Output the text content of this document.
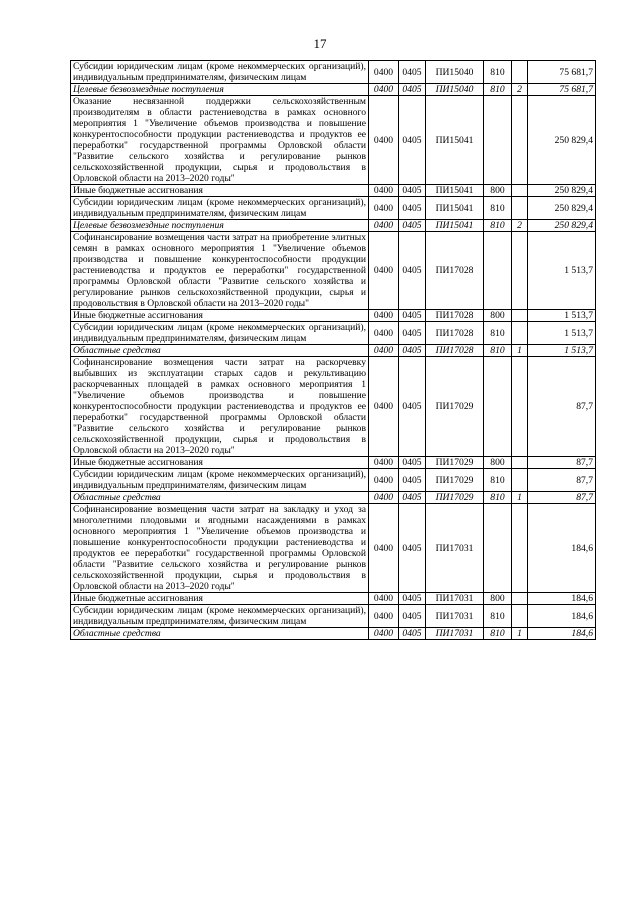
17
Субсидии юридическим лицам (кроме некоммерческих организаций), индивидуальным предпринимателям, физическим лицам	0400	0405	ПИ15040	810		75 681,7
Целевые безвозмездные поступления	0400	0405	ПИ15040	810	2	75 681,7
Оказание несвязанной поддержки сельскохозяйственным производителям в области растениеводства в рамках основного мероприятия 1 "Увеличение объемов производства и повышение конкурентоспособности продукции растениеводства и продуктов ее переработки" государственной программы Орловской области "Развитие сельского хозяйства и регулирование рынков сельскохозяйственной продукции, сырья и продовольствия в Орловской области на 2013–2020 годы"	0400	0405	ПИ15041			250 829,4
Иные бюджетные ассигнования	0400	0405	ПИ15041	800		250 829,4
Субсидии юридическим лицам (кроме некоммерческих организаций), индивидуальным предпринимателям, физическим лицам	0400	0405	ПИ15041	810		250 829,4
Целевые безвозмездные поступления	0400	0405	ПИ15041	810	2	250 829,4
Софинансирование возмещения части затрат на приобретение элитных семян в рамках основного мероприятия 1 "Увеличение объемов производства и повышение конкурентоспособности продукции растениеводства и продуктов ее переработки" государственной программы Орловской области "Развитие сельского хозяйства и регулирование рынков сельскохозяйственной продукции, сырья и продовольствия в Орловской области на 2013–2020 годы"	0400	0405	ПИ17028			1 513,7
Иные бюджетные ассигнования	0400	0405	ПИ17028	800		1 513,7
Субсидии юридическим лицам (кроме некоммерческих организаций), индивидуальным предпринимателям, физическим лицам	0400	0405	ПИ17028	810		1 513,7
Областные средства	0400	0405	ПИ17028	810	1	1 513,7
Софинансирование возмещения части затрат на раскорчевку выбывших из эксплуатации старых садов и рекультивацию раскорчеванных площадей в рамках основного мероприятия 1 "Увеличение объемов производства и повышение конкурентоспособности продукции растениеводства и продуктов ее переработки" государственной программы Орловской области "Развитие сельского хозяйства и регулирование рынков сельскохозяйственной продукции, сырья и продовольствия в Орловской области на 2013–2020 годы"	0400	0405	ПИ17029			87,7
Иные бюджетные ассигнования	0400	0405	ПИ17029	800		87,7
Субсидии юридическим лицам (кроме некоммерческих организаций), индивидуальным предпринимателям, физическим лицам	0400	0405	ПИ17029	810		87,7
Областные средства	0400	0405	ПИ17029	810	1	87,7
Софинансирование возмещения части затрат на закладку и уход за многолетними плодовыми и ягодными насаждениями в рамках основного мероприятия 1 "Увеличение объемов производства и повышение конкурентоспособности продукции растениеводства и продуктов ее переработки" государственной программы Орловской области "Развитие сельского хозяйства и регулирование рынков сельскохозяйственной продукции, сырья и продовольствия в Орловской области на 2013–2020 годы"	0400	0405	ПИ17031			184,6
Иные бюджетные ассигнования	0400	0405	ПИ17031	800		184,6
Субсидии юридическим лицам (кроме некоммерческих организаций), индивидуальным предпринимателям, физическим лицам	0400	0405	ПИ17031	810		184,6
Областные средства	0400	0405	ПИ17031	810	1	184,6
